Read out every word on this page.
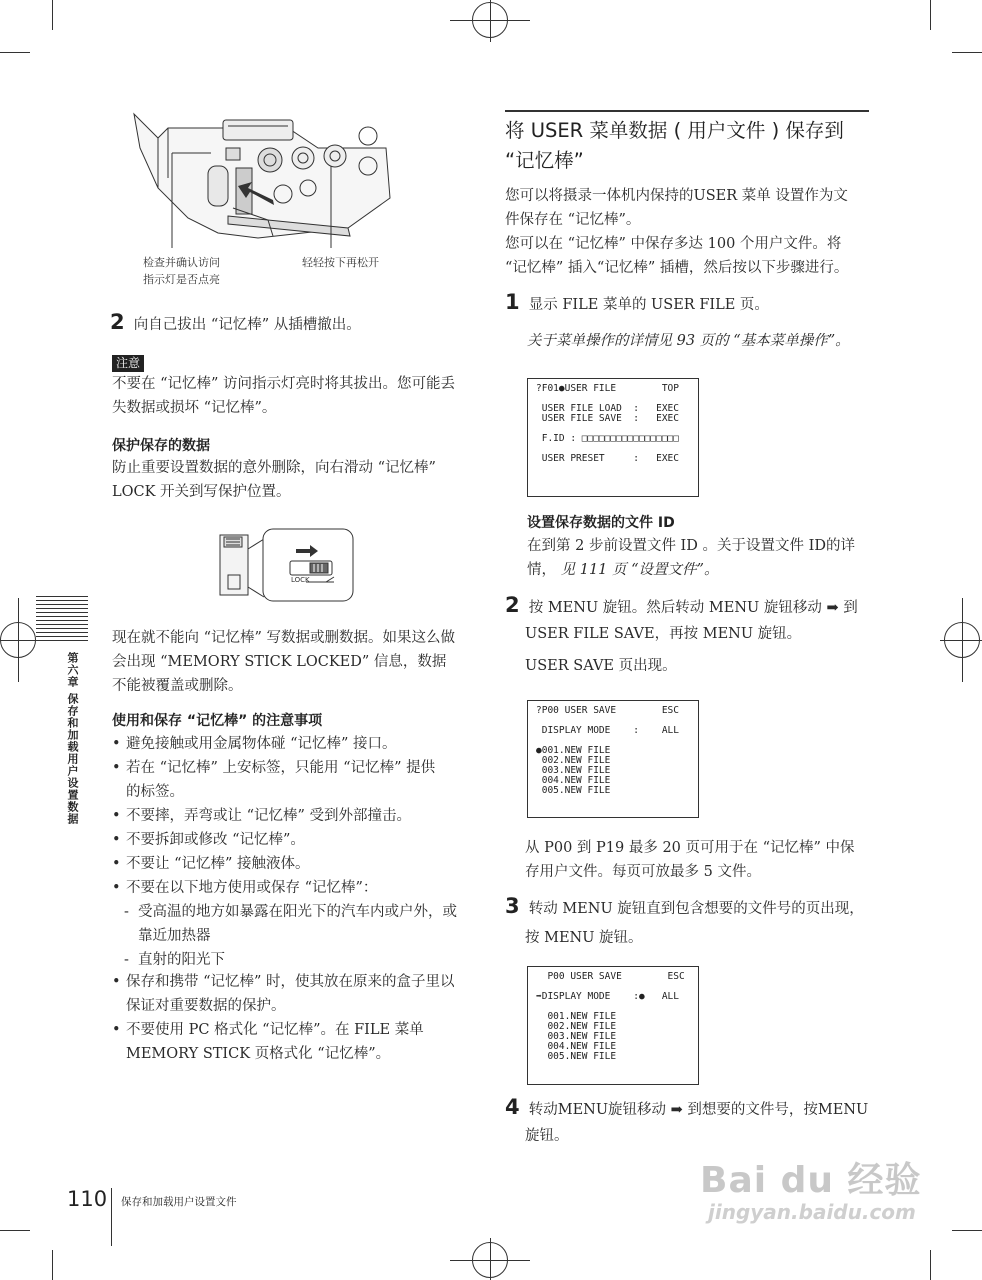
检查并确认访问
指示灯是否点亮
轻轻按下再松开
2 向自己拔出 “记忆棒” 从插槽撤出。
注意
不要在 “记忆棒” 访问指示灯亮时将其拔出。您可能丢
失数据或损坏 “记忆棒”。
保护保存的数据
防止重要设置数据的意外删除，向右滑动 “记忆棒”
LOCK 开关到写保护位置。
LOCK
现在就不能向 “记忆棒” 写数据或删数据。如果这么做
会出现 “MEMORY STICK LOCKED” 信息，数据
不能被覆盖或删除。
使用和保存 “记忆棒” 的注意事项
• 避免接触或用金属物体碰 “记忆棒” 接口。
• 若在 “记忆棒” 上安标签，只能用 “记忆棒” 提供
的标签。
• 不要摔，弄弯或让 “记忆棒” 受到外部撞击。
• 不要拆卸或修改 “记忆棒”。
• 不要让 “记忆棒” 接触液体。
• 不要在以下地方使用或保存 “记忆棒”：
- 受高温的地方如暴露在阳光下的汽车内或户外，或
靠近加热器
- 直射的阳光下
• 保存和携带 “记忆棒” 时，使其放在原来的盒子里以
保证对重要数据的保护。
• 不要使用 PC 格式化 “记忆棒”。在 FILE 菜单
MEMORY STICK 页格式化 “记忆棒”。
第六章 保存和加载用户设置数据
110 保存和加载用户设置文件
将 USER 菜单数据 ( 用户文件 ) 保存到
“记忆棒”
您可以将摄录一体机内保持的USER 菜单 设置作为文
件保存在 “记忆棒”。
您可以在 “记忆棒” 中保存多达 100 个用户文件。将
“记忆棒” 插入“记忆棒” 插槽，然后按以下步骤进行。
1 显示 FILE 菜单的 USER FILE 页。
关于菜单操作的详情见 93 页的 “基本菜单操作”。
?F01●USER FILE        TOP

USER FILE LOAD  :   EXEC
USER FILE SAVE  :   EXEC

F.ID : □□□□□□□□□□□□□□□□□

USER PRESET     :   EXEC
设置保存数据的文件 ID
在到第 2 步前设置文件 ID 。关于设置文件 ID的详
情， 见 111 页 “设置文件”。
2 按 MENU 旋钮。然后转动 MENU 旋钮移动 ➡ 到
USER FILE SAVE，再按 MENU 旋钮。
USER SAVE 页出现。
?P00 USER SAVE        ESC

DISPLAY MODE    :    ALL

●001.NEW FILE
002.NEW FILE
003.NEW FILE
004.NEW FILE
005.NEW FILE
从 P00 到 P19 最多 20 页可用于在 “记忆棒” 中保
存用户文件。每页可放最多 5 文件。
3 转动 MENU 旋钮直到包含想要的文件号的页出现，
按 MENU 旋钮。
P00 USER SAVE        ESC

➡DISPLAY MODE    :●   ALL

001.NEW FILE
002.NEW FILE
003.NEW FILE
004.NEW FILE
005.NEW FILE
4 转动MENU旋钮移动 ➡ 到想要的文件号，按MENU
旋钮。
Bai du 经验
jingyan.baidu.com
